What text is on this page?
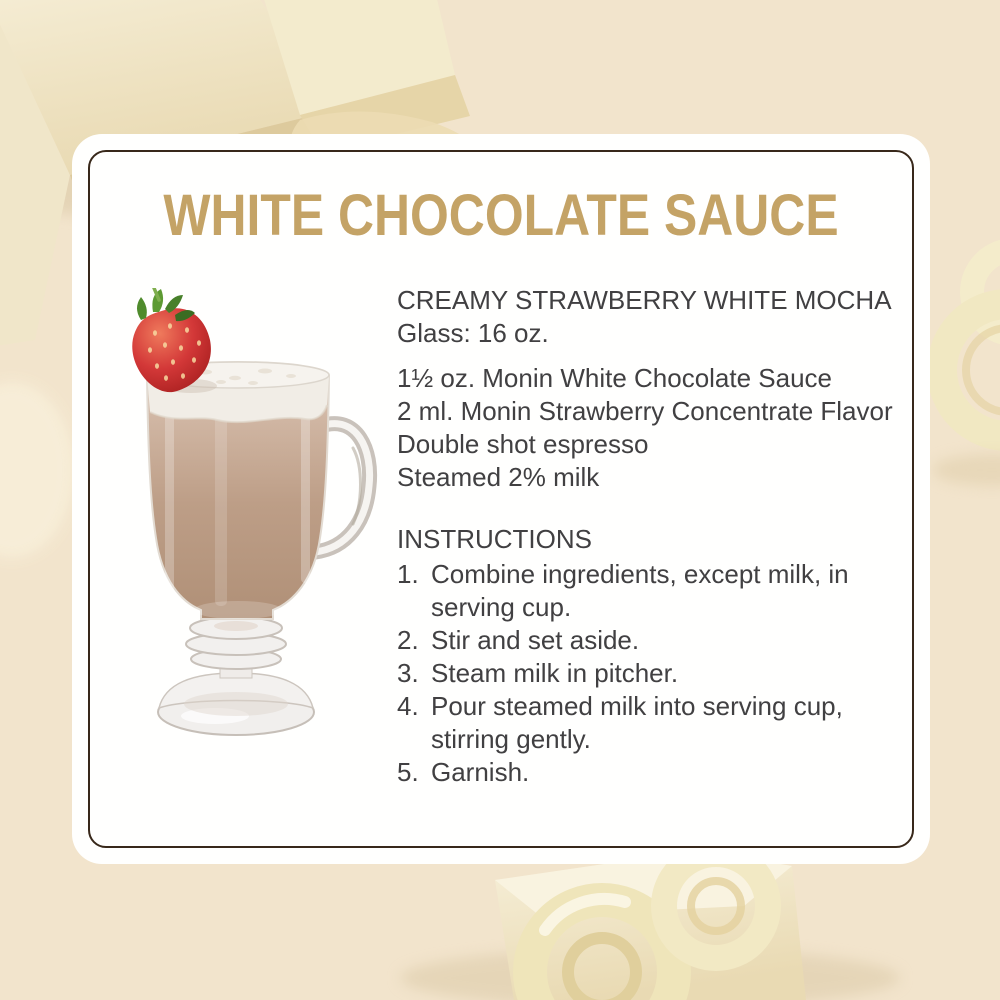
WHITE CHOCOLATE SAUCE
CREAMY STRAWBERRY WHITE MOCHA
Glass: 16 oz.
1½ oz. Monin White Chocolate Sauce
2 ml. Monin Strawberry Concentrate Flavor
Double shot espresso
Steamed 2% milk
INSTRUCTIONS
1. Combine ingredients, except milk, in serving cup.
2. Stir and set aside.
3. Steam milk in pitcher.
4. Pour steamed milk into serving cup, stirring gently.
5. Garnish.
